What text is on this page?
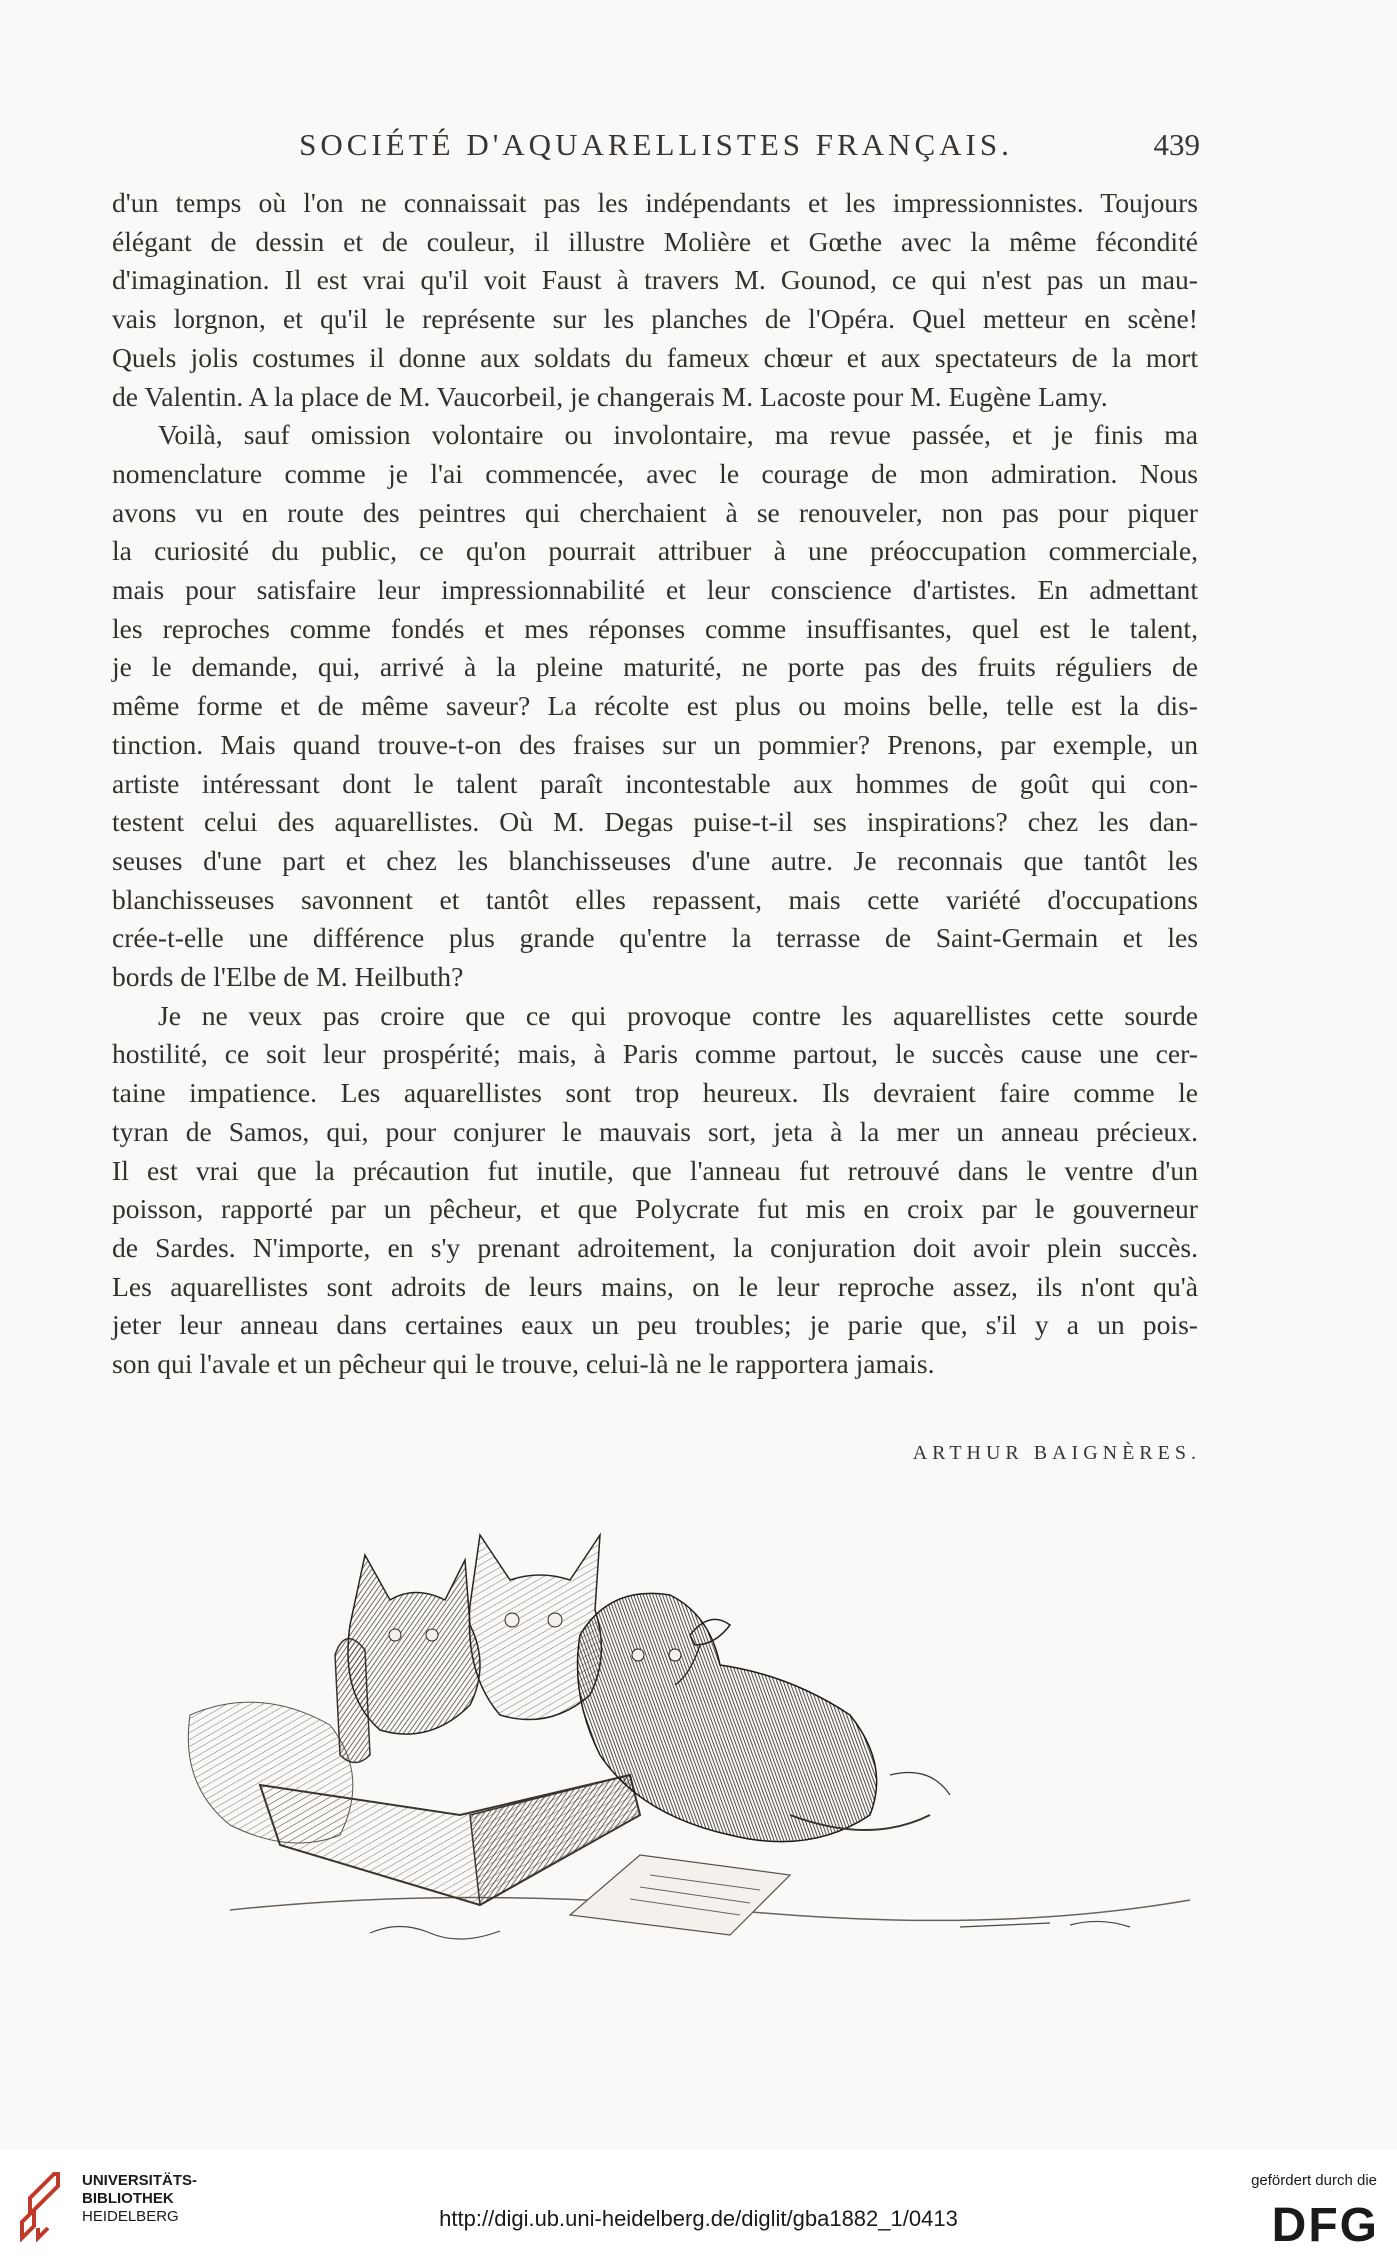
SOCIÉTÉ D'AQUARELLISTES FRANÇAIS.	439
d'un temps où l'on ne connaissait pas les indépendants et les impressionnistes. Toujours
élégant de dessin et de couleur, il illustre Molière et Gœthe avec la même fécondité
d'imagination. Il est vrai qu'il voit Faust à travers M. Gounod, ce qui n'est pas un mau-
vais lorgnon, et qu'il le représente sur les planches de l'Opéra. Quel metteur en scène!
Quels jolis costumes il donne aux soldats du fameux chœur et aux spectateurs de la mort
de Valentin. A la place de M. Vaucorbeil, je changerais M. Lacoste pour M. Eugène Lamy.
Voilà, sauf omission volontaire ou involontaire, ma revue passée, et je finis ma
nomenclature comme je l'ai commencée, avec le courage de mon admiration. Nous
avons vu en route des peintres qui cherchaient à se renouveler, non pas pour piquer
la curiosité du public, ce qu'on pourrait attribuer à une préoccupation commerciale,
mais pour satisfaire leur impressionnabilité et leur conscience d'artistes. En admettant
les reproches comme fondés et mes réponses comme insuffisantes, quel est le talent,
je le demande, qui, arrivé à la pleine maturité, ne porte pas des fruits réguliers de
même forme et de même saveur? La récolte est plus ou moins belle, telle est la dis-
tinction. Mais quand trouve-t-on des fraises sur un pommier? Prenons, par exemple, un
artiste intéressant dont le talent paraît incontestable aux hommes de goût qui con-
testent celui des aquarellistes. Où M. Degas puise-t-il ses inspirations? chez les dan-
seuses d'une part et chez les blanchisseuses d'une autre. Je reconnais que tantôt les
blanchisseuses savonnent et tantôt elles repassent, mais cette variété d'occupations
crée-t-elle une différence plus grande qu'entre la terrasse de Saint-Germain et les
bords de l'Elbe de M. Heilbuth?
Je ne veux pas croire que ce qui provoque contre les aquarellistes cette sourde
hostilité, ce soit leur prospérité; mais, à Paris comme partout, le succès cause une cer-
taine impatience. Les aquarellistes sont trop heureux. Ils devraient faire comme le
tyran de Samos, qui, pour conjurer le mauvais sort, jeta à la mer un anneau précieux.
Il est vrai que la précaution fut inutile, que l'anneau fut retrouvé dans le ventre d'un
poisson, rapporté par un pêcheur, et que Polycrate fut mis en croix par le gouverneur
de Sardes. N'importe, en s'y prenant adroitement, la conjuration doit avoir plein succès.
Les aquarellistes sont adroits de leurs mains, on le leur reproche assez, ils n'ont qu'à
jeter leur anneau dans certaines eaux un peu troubles; je parie que, s'il y a un pois-
son qui l'avale et un pêcheur qui le trouve, celui-là ne le rapportera jamais.
ARTHUR BAIGNÈRES.
UNIVERSITÄTS-
BIBLIOTHEK
HEIDELBERG	http://digi.ub.uni-heidelberg.de/diglit/gba1882_1/0413
gefördert durch die
DFG
